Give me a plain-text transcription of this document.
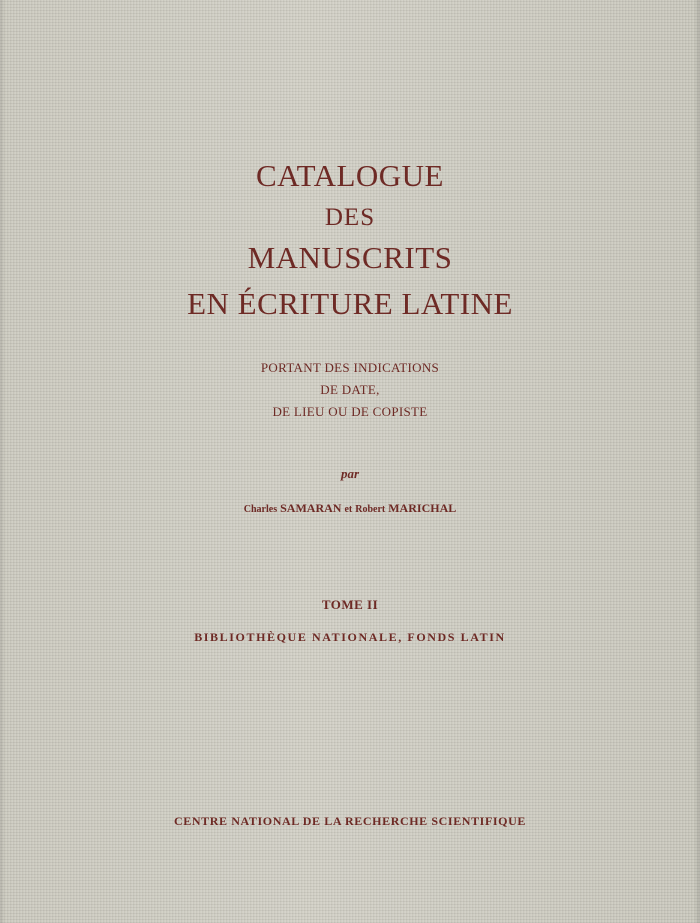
CATALOGUE
DES
MANUSCRITS
EN ÉCRITURE LATINE
PORTANT DES INDICATIONS
DE DATE,
DE LIEU OU DE COPISTE
par
Charles SAMARAN et Robert MARICHAL
TOME II
BIBLIOTHÈQUE NATIONALE, FONDS LATIN
CENTRE NATIONAL DE LA RECHERCHE SCIENTIFIQUE
